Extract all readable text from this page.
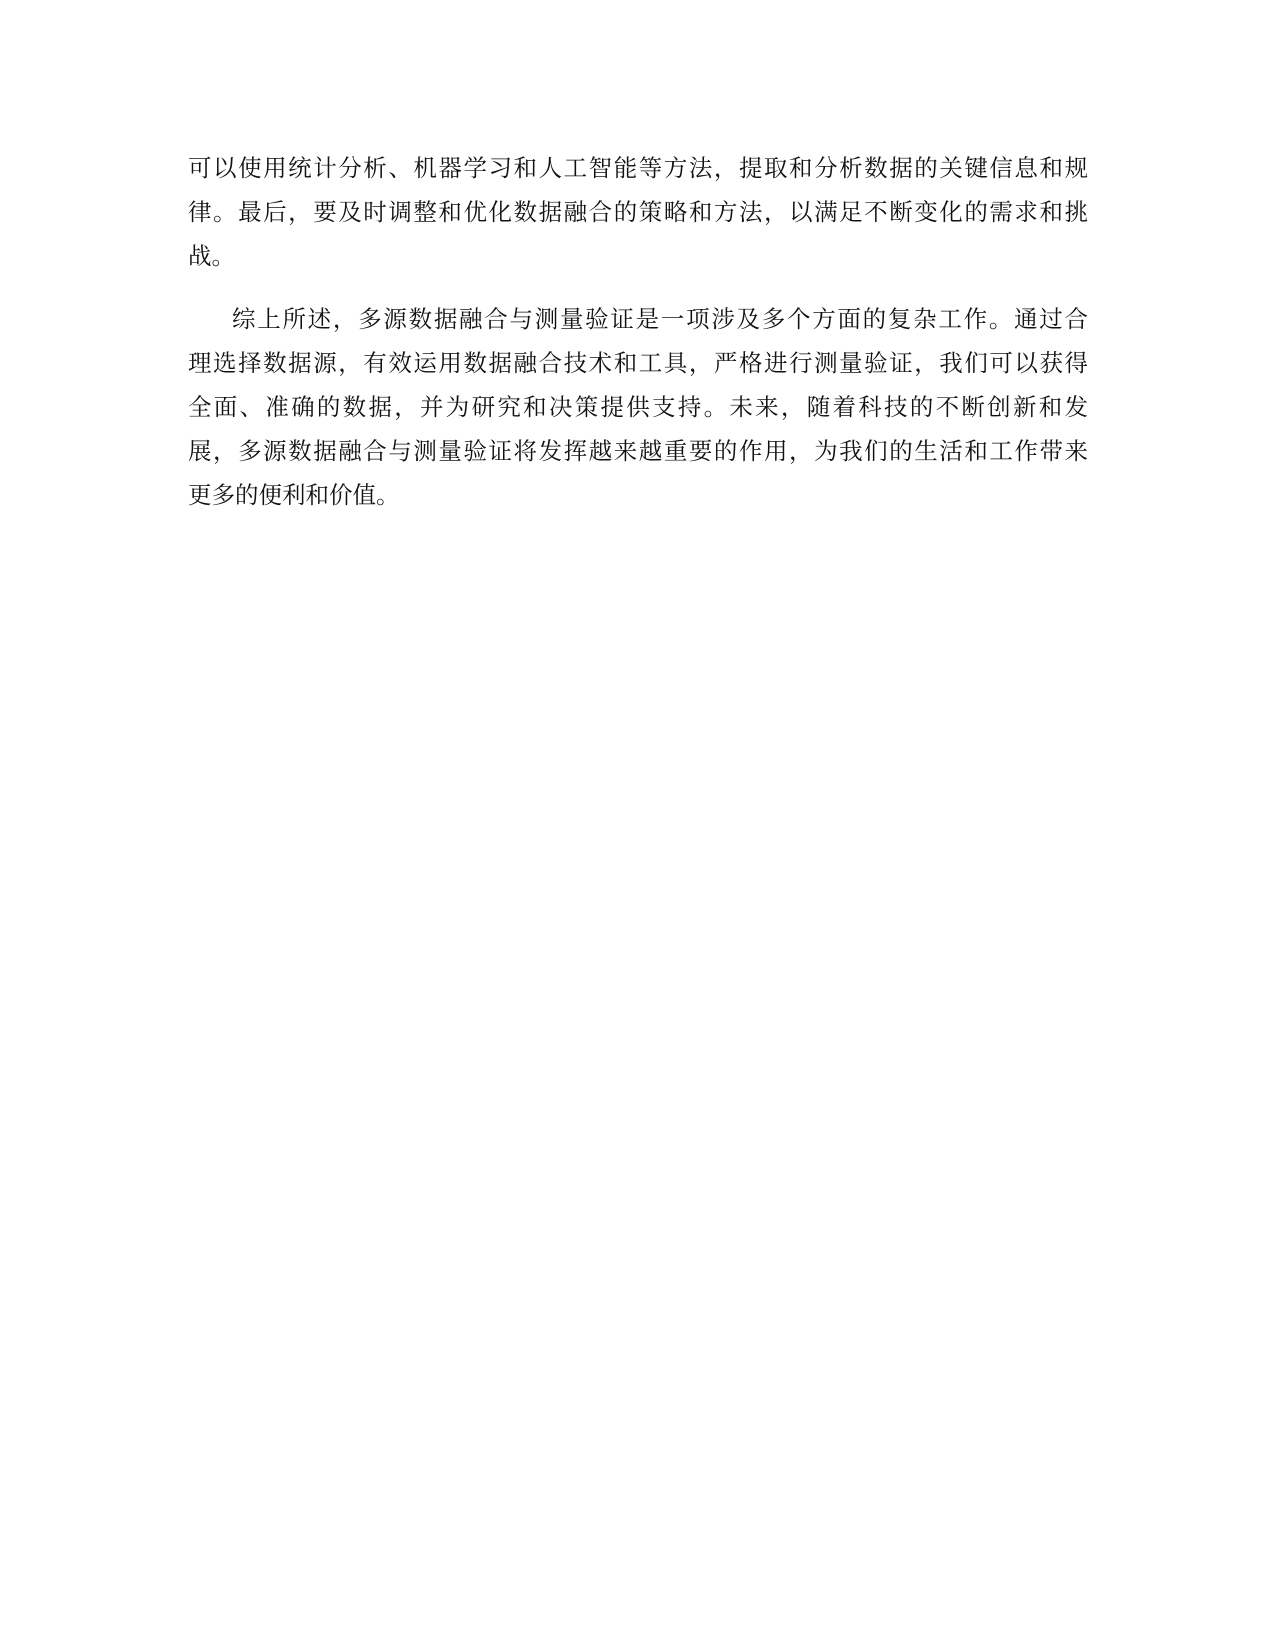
可以使用统计分析、机器学习和人工智能等方法，提取和分析数据的关键信息和规
律。最后，要及时调整和优化数据融合的策略和方法，以满足不断变化的需求和挑
战。
综上所述，多源数据融合与测量验证是一项涉及多个方面的复杂工作。通过合
理选择数据源，有效运用数据融合技术和工具，严格进行测量验证，我们可以获得
全面、准确的数据，并为研究和决策提供支持。未来，随着科技的不断创新和发
展，多源数据融合与测量验证将发挥越来越重要的作用，为我们的生活和工作带来
更多的便利和价值。
